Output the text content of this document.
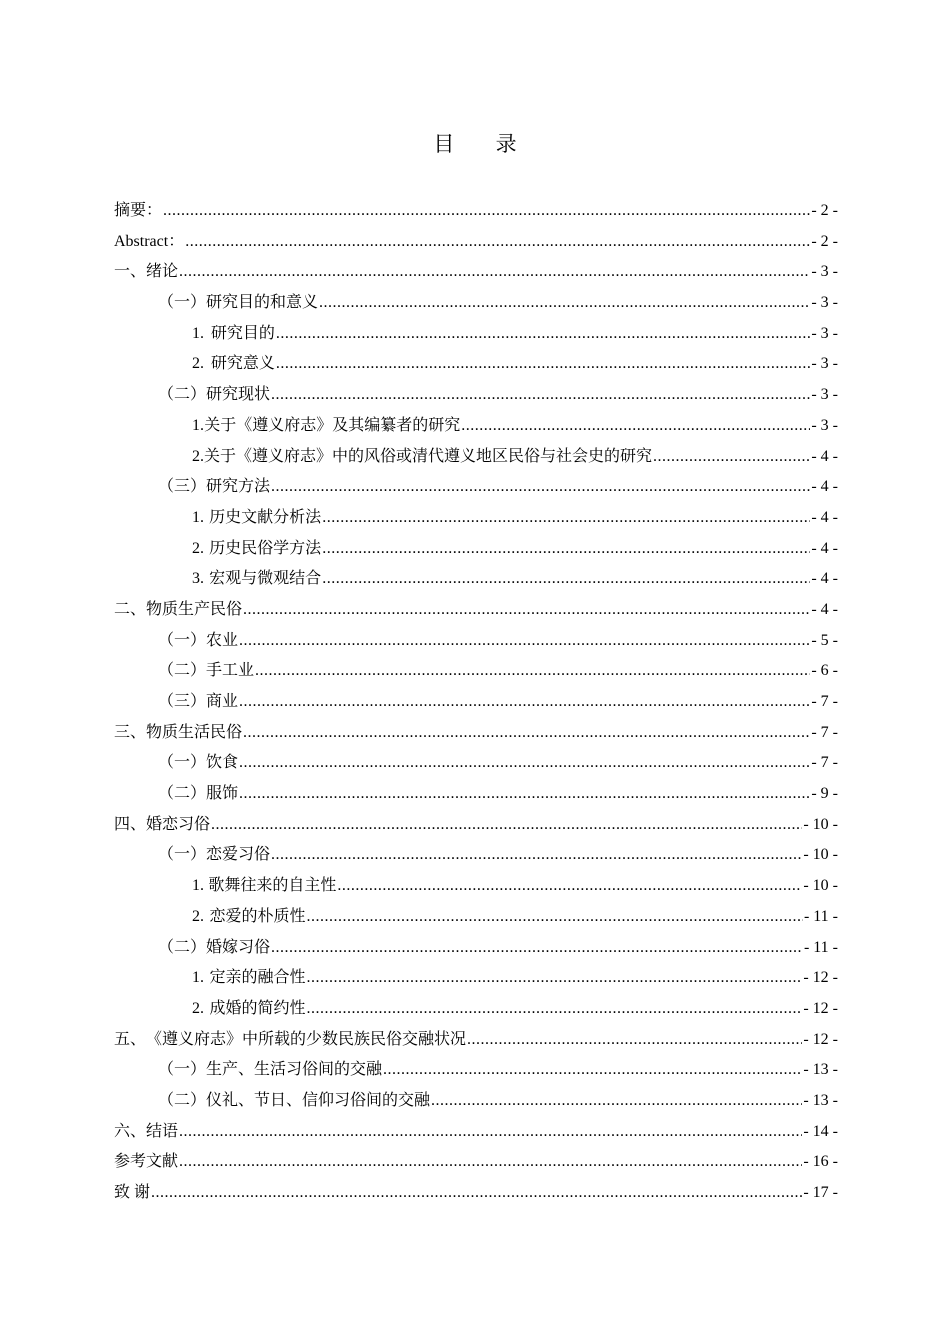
目 录
摘要： .....	- 2 -
Abstract： .....	- 2 -
一、 绪论 .....	- 3 -
（一） 研究目的和意义 .....	- 3 -
1. 研究目的 .....	- 3 -
2. 研究意义 .....	- 3 -
（二） 研究现状 .....	- 3 -
1. 关于《遵义府志》及其编纂者的研究 .....	- 3 -
2. 关于《遵义府志》中的风俗或清代遵义地区民俗与社会史的研究 .....	- 4 -
（三） 研究方法 .....	- 4 -
1. 历史文献分析法 .....	- 4 -
2. 历史民俗学方法 .....	- 4 -
3. 宏观与微观结合 .....	- 4 -
二、 物质生产民俗 .....	- 4 -
（一） 农业 .....	- 5 -
（二） 手工业 .....	- 6 -
（三） 商业 .....	- 7 -
三、 物质生活民俗 .....	- 7 -
（一） 饮食 .....	- 7 -
（二） 服饰 .....	- 9 -
四、 婚恋习俗 .....	- 10 -
（一） 恋爱习俗 .....	- 10 -
1. 歌舞往来的自主性 .....	- 10 -
2. 恋爱的朴质性 .....	- 11 -
（二） 婚嫁习俗 .....	- 11 -
1. 定亲的融合性 .....	- 12 -
2. 成婚的简约性 .....	- 12 -
五、 《遵义府志》中所载的少数民族民俗交融状况 .....	- 12 -
（一） 生产、生活习俗间的交融 .....	- 13 -
（二） 仪礼、节日、信仰习俗间的交融 .....	- 13 -
六、 结语 .....	- 14 -
参考文献 .....	- 16 -
致 谢 .....	- 17 -
